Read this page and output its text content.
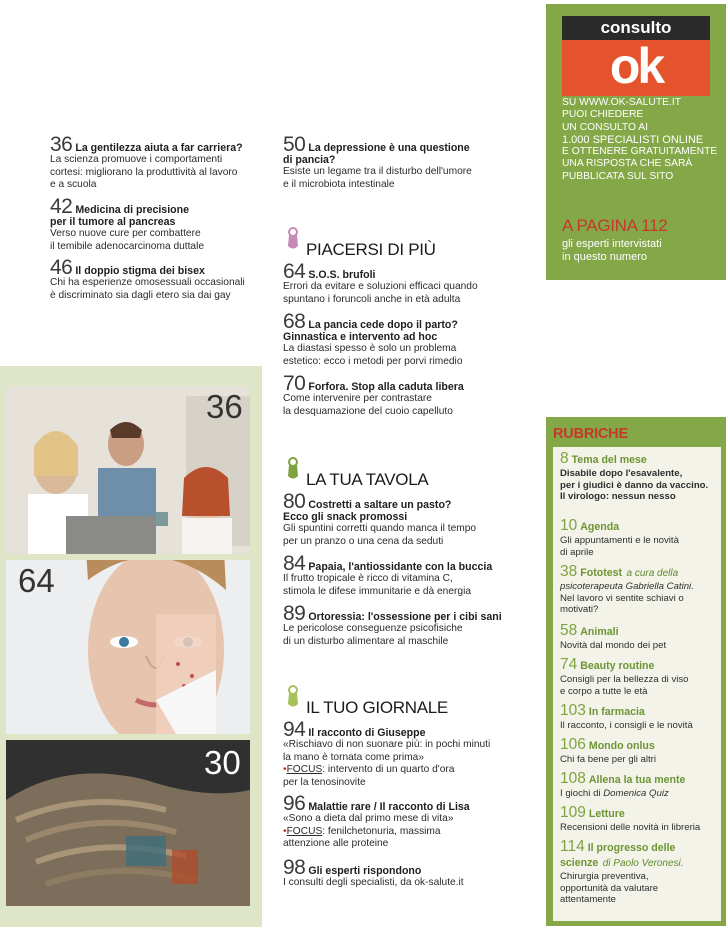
36 La gentilezza aiuta a far carriera?
La scienza promuove i comportamenti
cortesi: migliorano la produttività al lavoro
e a scuola
42 Medicina di precisione
per il tumore al pancreas
Verso nuove cure per combattere
il temibile adenocarcinoma duttale
46 Il doppio stigma dei bisex
Chi ha esperienze omosessuali occasionali
è discriminato sia dagli etero sia dai gay
50 La depressione è una questione
di pancia?
Esiste un legame tra il disturbo dell'umore
e il microbiota intestinale
PIACERSI DI PIÙ
64 S.O.S. brufoli
Errori da evitare e soluzioni efficaci quando
spuntano i foruncoli anche in età adulta
68 La pancia cede dopo il parto?
Ginnastica e intervento ad hoc
La diastasi spesso è solo un problema
estetico: ecco i metodi per porvi rimedio
70 Forfora. Stop alla caduta libera
Come intervenire per contrastare
la desquamazione del cuoio capelluto
LA TUA TAVOLA
80 Costretti a saltare un pasto?
Ecco gli snack promossi
Gli spuntini corretti quando manca il tempo
per un pranzo o una cena da seduti
84 Papaia, l'antiossidante con la buccia
Il frutto tropicale è ricco di vitamina C,
stimola le difese immunitarie e dà energia
89 Ortoressia: l'ossessione per i cibi sani
Le pericolose conseguenze psicofisiche
di un disturbo alimentare al maschile
IL TUO GIORNALE
94 Il racconto di Giuseppe
«Rischiavo di non suonare più: in pochi minuti
la mano è tornata come prima»
•FOCUS: intervento di un quarto d'ora
per la tenosinovite
96 Malattie rare / Il racconto di Lisa
«Sono a dieta dal primo mese di vita»
•FOCUS: fenilchetonuria, massima
attenzione alle proteine
98 Gli esperti rispondono
I consulti degli specialisti, da ok-salute.it
36
64
30
consulto
ok
SU WWW.OK-SALUTE.IT
PUOI CHIEDERE
UN CONSULTO AI
1.000 SPECIALISTI ONLINE
E OTTENERE GRATUITAMENTE
UNA RISPOSTA CHE SARÀ
PUBBLICATA SUL SITO
A PAGINA 112
gli esperti intervistati
in questo numero
RUBRICHE
8 Tema del mese
Disabile dopo l'esavalente,
per i giudici è danno da vaccino.
Il virologo: nessun nesso
10 Agenda
Gli appuntamenti e le novità
di aprile
38 Fototest a cura della
psicoterapeuta Gabriella Catini.
Nel lavoro vi sentite schiavi o
motivati?
58 Animali
Novità dal mondo dei pet
74 Beauty routine
Consigli per la bellezza di viso
e corpo a tutte le età
103 In farmacia
Il racconto, i consigli e le novità
106 Mondo onlus
Chi fa bene per gli altri
108 Allena la tua mente
I giochi di Domenica Quiz
109 Letture
Recensioni delle novità in libreria
114 Il progresso delle
scienze di Paolo Veronesi.
Chirurgia preventiva,
opportunità da valutare
attentamente
